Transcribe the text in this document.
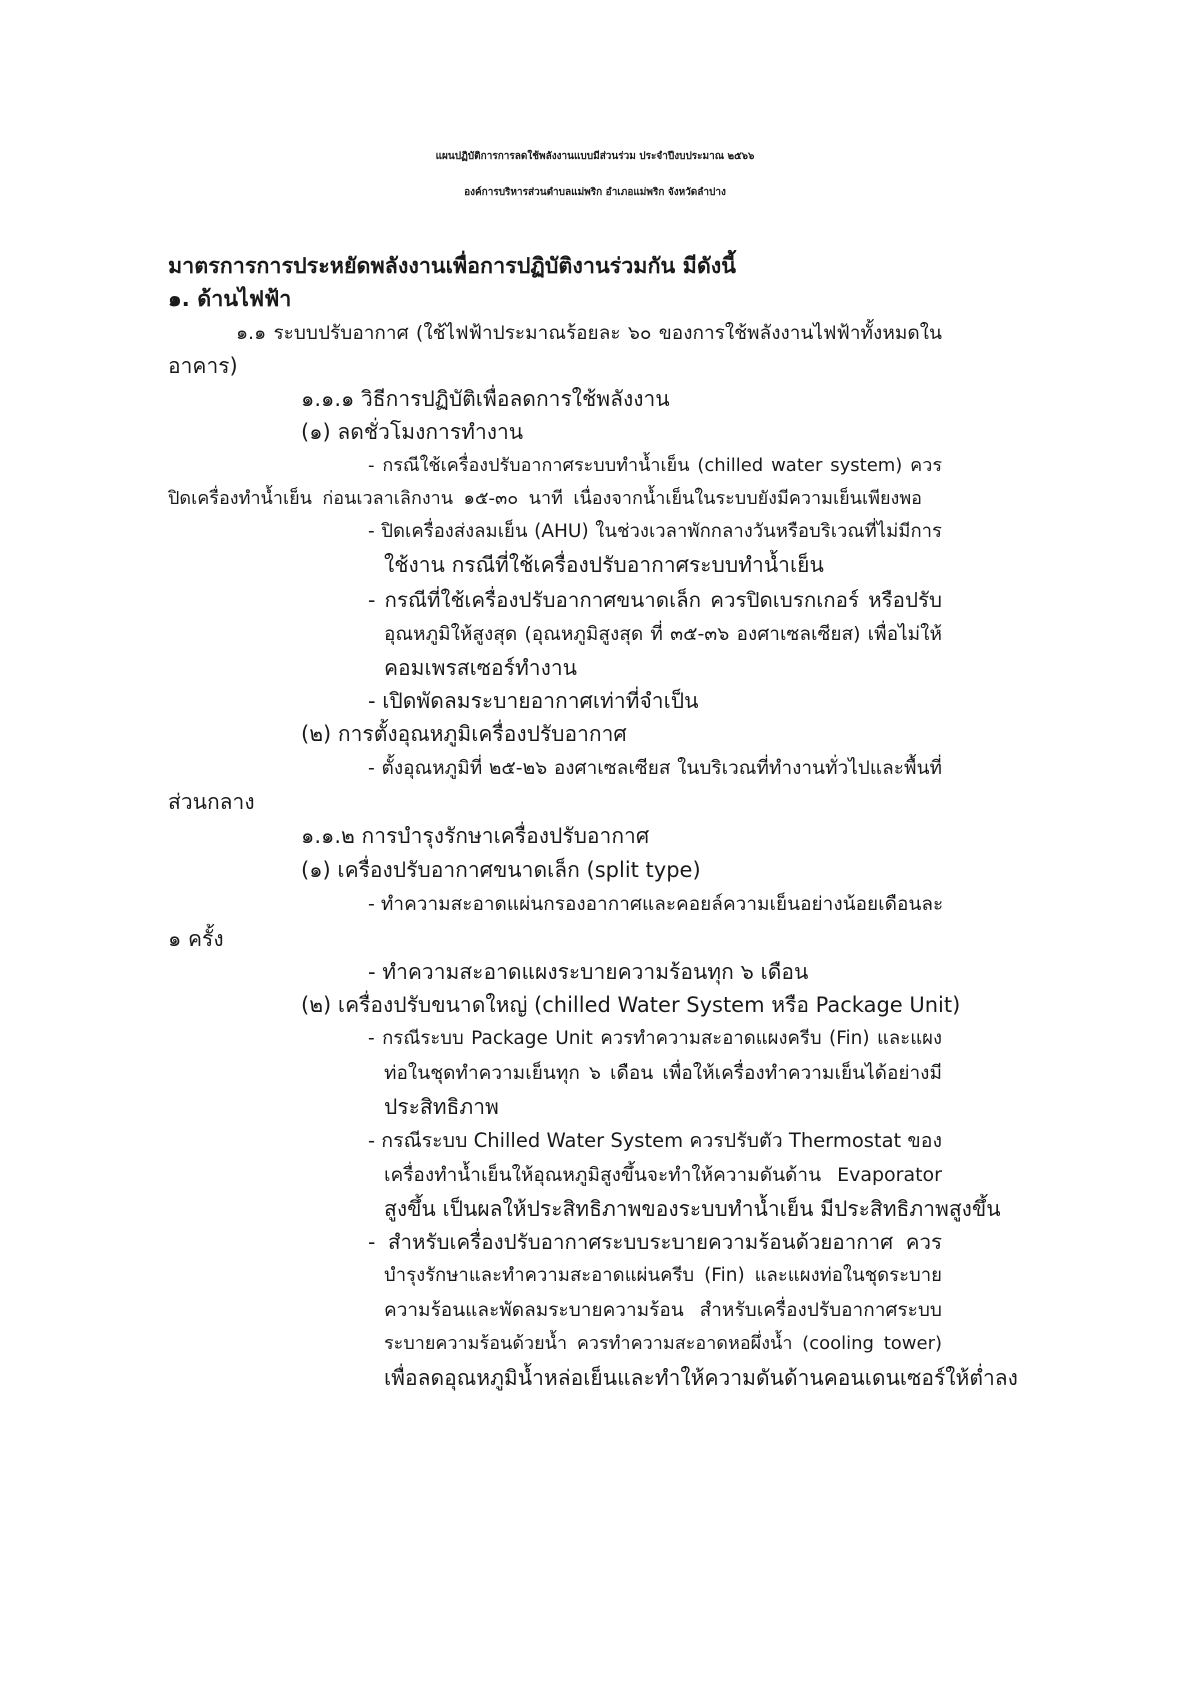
แผนปฏิบัติการการลดใช้พลังงานแบบมีส่วนร่วม ประจำปีงบประมาณ ๒๕๖๖
องค์การบริหารส่วนตำบลแม่พริก อำเภอแม่พริก จังหวัดลำปาง
มาตรการการประหยัดพลังงานเพื่อการปฏิบัติงานร่วมกัน มีดังนี้
๑. ด้านไฟฟ้า
๑.๑ ระบบปรับอากาศ (ใช้ไฟฟ้าประมาณร้อยละ ๖๐ ของการใช้พลังงานไฟฟ้าทั้งหมดใน
อาคาร)
๑.๑.๑ วิธีการปฏิบัติเพื่อลดการใช้พลังงาน
(๑) ลดชั่วโมงการทำงาน
- กรณีใช้เครื่องปรับอากาศระบบทำน้ำเย็น (chilled water system) ควร
ปิดเครื่องทำน้ำเย็น ก่อนเวลาเลิกงาน ๑๕-๓๐ นาที เนื่องจากน้ำเย็นในระบบยังมีความเย็นเพียงพอ
- ปิดเครื่องส่งลมเย็น (AHU) ในช่วงเวลาพักกลางวันหรือบริเวณที่ไม่มีการ
ใช้งาน กรณีที่ใช้เครื่องปรับอากาศระบบทำน้ำเย็น
- กรณีที่ใช้เครื่องปรับอากาศขนาดเล็ก ควรปิดเบรกเกอร์ หรือปรับ
อุณหภูมิให้สูงสุด (อุณหภูมิสูงสุด ที่ ๓๕-๓๖ องศาเซลเซียส) เพื่อไม่ให้
คอมเพรสเซอร์ทำงาน
- เปิดพัดลมระบายอากาศเท่าที่จำเป็น
(๒) การตั้งอุณหภูมิเครื่องปรับอากาศ
- ตั้งอุณหภูมิที่ ๒๕-๒๖ องศาเซลเซียส ในบริเวณที่ทำงานทั่วไปและพื้นที่
ส่วนกลาง
๑.๑.๒ การบำรุงรักษาเครื่องปรับอากาศ
(๑) เครื่องปรับอากาศขนาดเล็ก (split type)
- ทำความสะอาดแผ่นกรองอากาศและคอยล์ความเย็นอย่างน้อยเดือนละ
๑ ครั้ง
- ทำความสะอาดแผงระบายความร้อนทุก ๖ เดือน
(๒) เครื่องปรับขนาดใหญ่ (chilled Water System หรือ Package Unit)
- กรณีระบบ Package Unit ควรทำความสะอาดแผงครีบ (Fin) และแผง
ท่อในชุดทำความเย็นทุก ๖ เดือน เพื่อให้เครื่องทำความเย็นได้อย่างมี
ประสิทธิภาพ
- กรณีระบบ Chilled Water System ควรปรับตัว Thermostat ของ
เครื่องทำน้ำเย็นให้อุณหภูมิสูงขึ้นจะทำให้ความดันด้าน Evaporator
สูงขึ้น เป็นผลให้ประสิทธิภาพของระบบทำน้ำเย็น มีประสิทธิภาพสูงขึ้น
- สำหรับเครื่องปรับอากาศระบบระบายความร้อนด้วยอากาศ ควร
บำรุงรักษาและทำความสะอาดแผ่นครีบ (Fin) และแผงท่อในชุดระบาย
ความร้อนและพัดลมระบายความร้อน สำหรับเครื่องปรับอากาศระบบ
ระบายความร้อนด้วยน้ำ ควรทำความสะอาดหอผึ่งน้ำ (cooling tower)
เพื่อลดอุณหภูมิน้ำหล่อเย็นและทำให้ความดันด้านคอนเดนเซอร์ให้ต่ำลง
